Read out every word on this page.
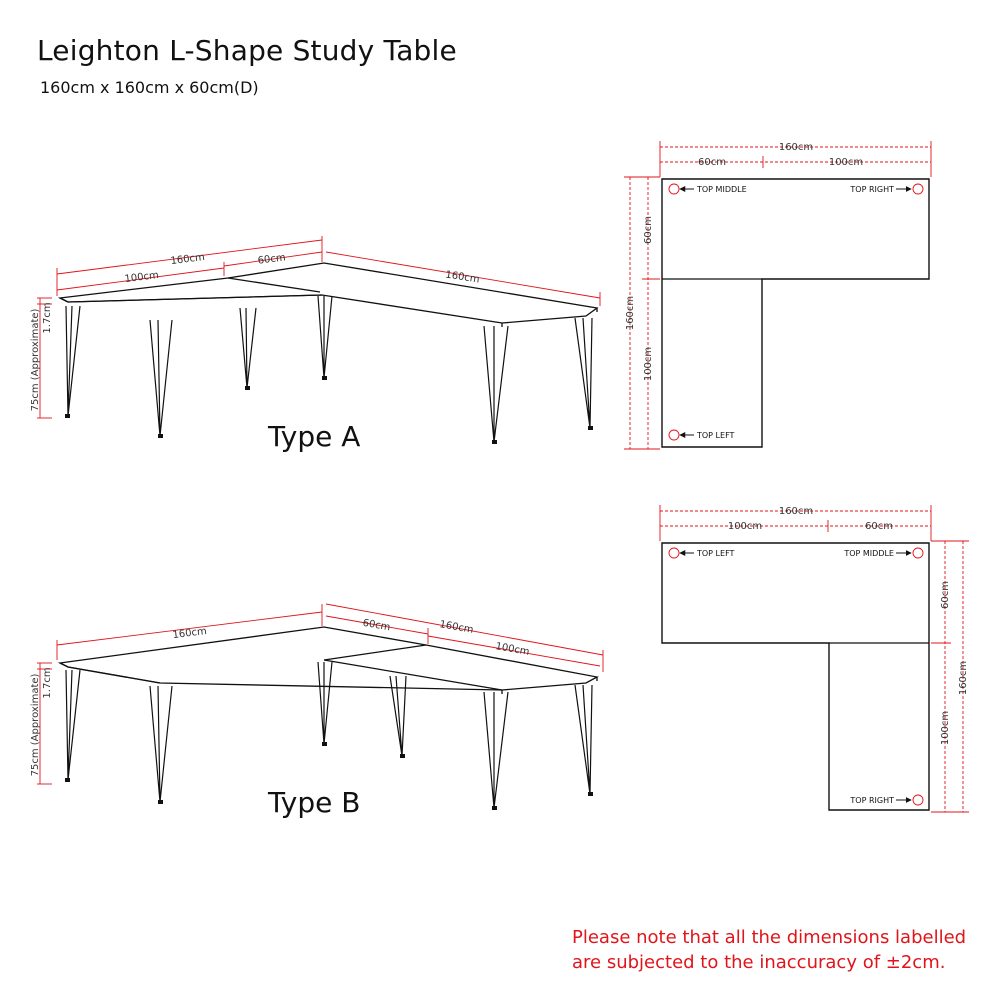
Leighton L-Shape Study Table

160cm x 160cm x 60cm(D)

160cm
100cm
60cm
160cm
1.7cm
75cm (Approximate)
Type A
160cm
60cm	100cm
60cm
160cm
100cm
TOP MIDDLE	TOP RIGHT
TOP LEFT
160cm
60cm	160cm
100cm
1.7cm
75cm (Approximate)
Type B
160cm
100cm	60cm
60cm
160cm
100cm
TOP LEFT	TOP MIDDLE
TOP RIGHT
Please note that all the dimensions labelled
are subjected to the inaccuracy of ±2cm.
